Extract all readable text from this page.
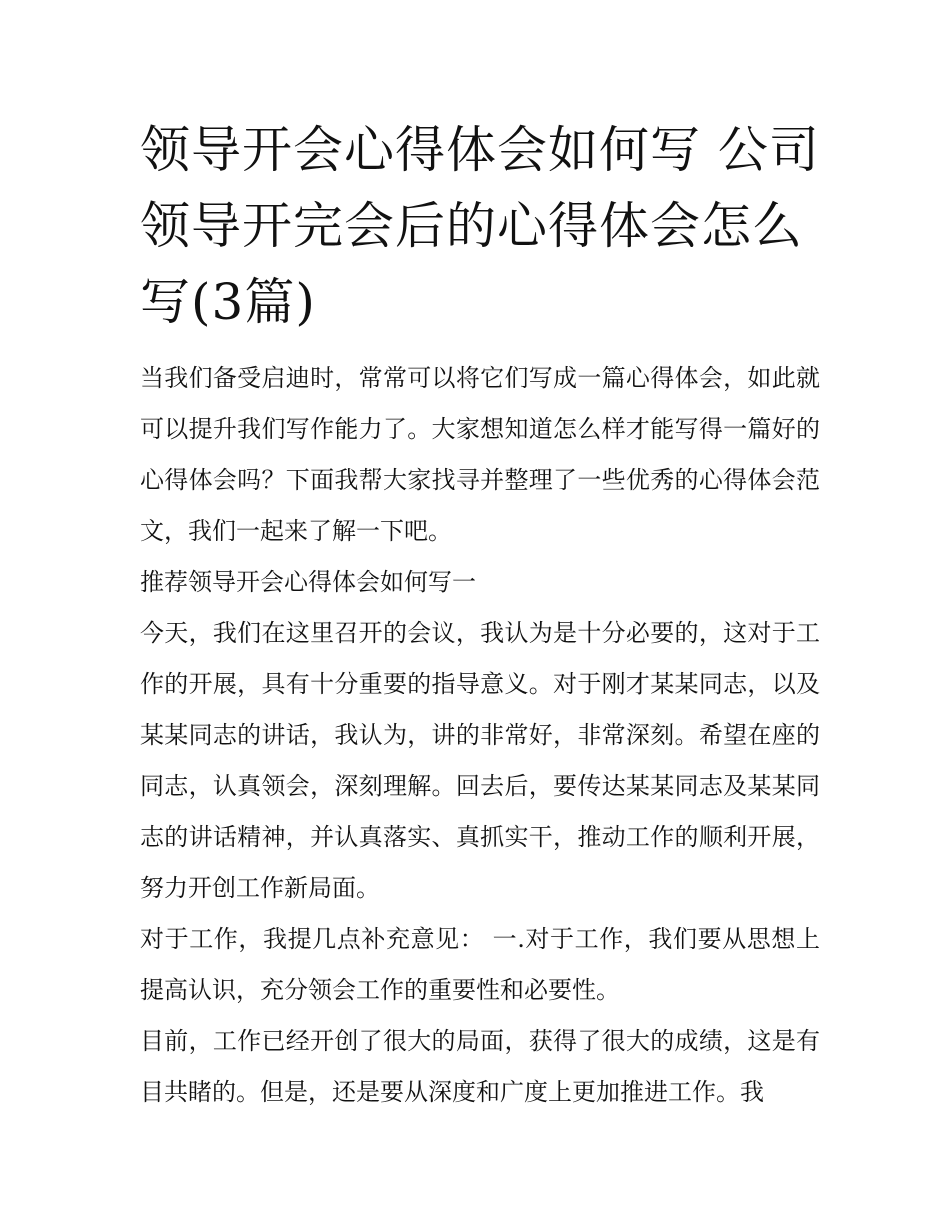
领导开会心得体会如何写 公司领导开完会后的心得体会怎么写(3篇)

当我们备受启迪时，常常可以将它们写成一篇心得体会，如此就可以提升我们写作能力了。大家想知道怎么样才能写得一篇好的心得体会吗？下面我帮大家找寻并整理了一些优秀的心得体会范文，我们一起来了解一下吧。

推荐领导开会心得体会如何写一

今天，我们在这里召开的会议，我认为是十分必要的，这对于工作的开展，具有十分重要的指导意义。对于刚才某某同志，以及某某同志的讲话，我认为，讲的非常好，非常深刻。希望在座的同志，认真领会，深刻理解。回去后，要传达某某同志及某某同志的讲话精神，并认真落实、真抓实干，推动工作的顺利开展，努力开创工作新局面。

对于工作，我提几点补充意见： 一.对于工作，我们要从思想上提高认识，充分领会工作的重要性和必要性。

目前，工作已经开创了很大的局面，获得了很大的成绩，这是有目共睹的。但是，还是要从深度和广度上更加推进工作。我
